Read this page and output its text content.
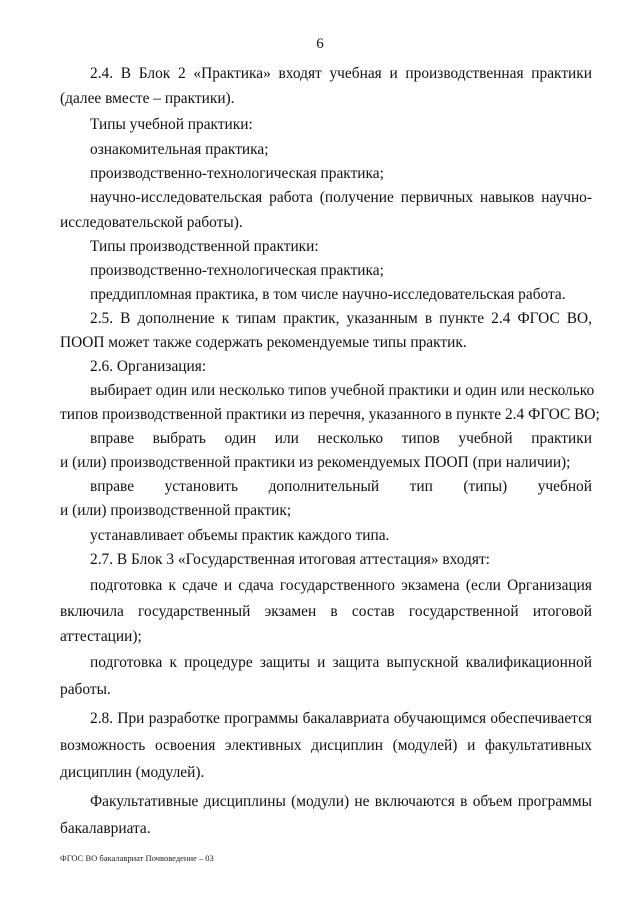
6
2.4. В Блок 2 «Практика» входят учебная и производственная практики
(далее вместе – практики).
Типы учебной практики:
ознакомительная практика;
производственно-технологическая практика;
научно-исследовательская работа (получение первичных навыков научно-
исследовательской работы).
Типы производственной практики:
производственно-технологическая практика;
преддипломная практика, в том числе научно-исследовательская работа.
2.5. В дополнение к типам практик, указанным в пункте 2.4 ФГОС ВО,
ПООП может также содержать рекомендуемые типы практик.
2.6. Организация:
выбирает один или несколько типов учебной практики и один или несколько
типов производственной практики из перечня, указанного в пункте 2.4 ФГОС ВО;
вправе выбрать один или несколько типов учебной практики
и (или) производственной практики из рекомендуемых ПООП (при наличии);
вправе установить дополнительный тип (типы) учебной
и (или) производственной практик;
устанавливает объемы практик каждого типа.
2.7. В Блок 3 «Государственная итоговая аттестация» входят:
подготовка к сдаче и сдача государственного экзамена (если Организация
включила государственный экзамен в состав государственной итоговой
аттестации);
подготовка к процедуре защиты и защита выпускной квалификационной
работы.
2.8. При разработке программы бакалавриата обучающимся обеспечивается
возможность освоения элективных дисциплин (модулей) и факультативных
дисциплин (модулей).
Факультативные дисциплины (модули) не включаются в объем программы
бакалавриата.
ФГОС ВО бакалавриат Почвоведение – 03
